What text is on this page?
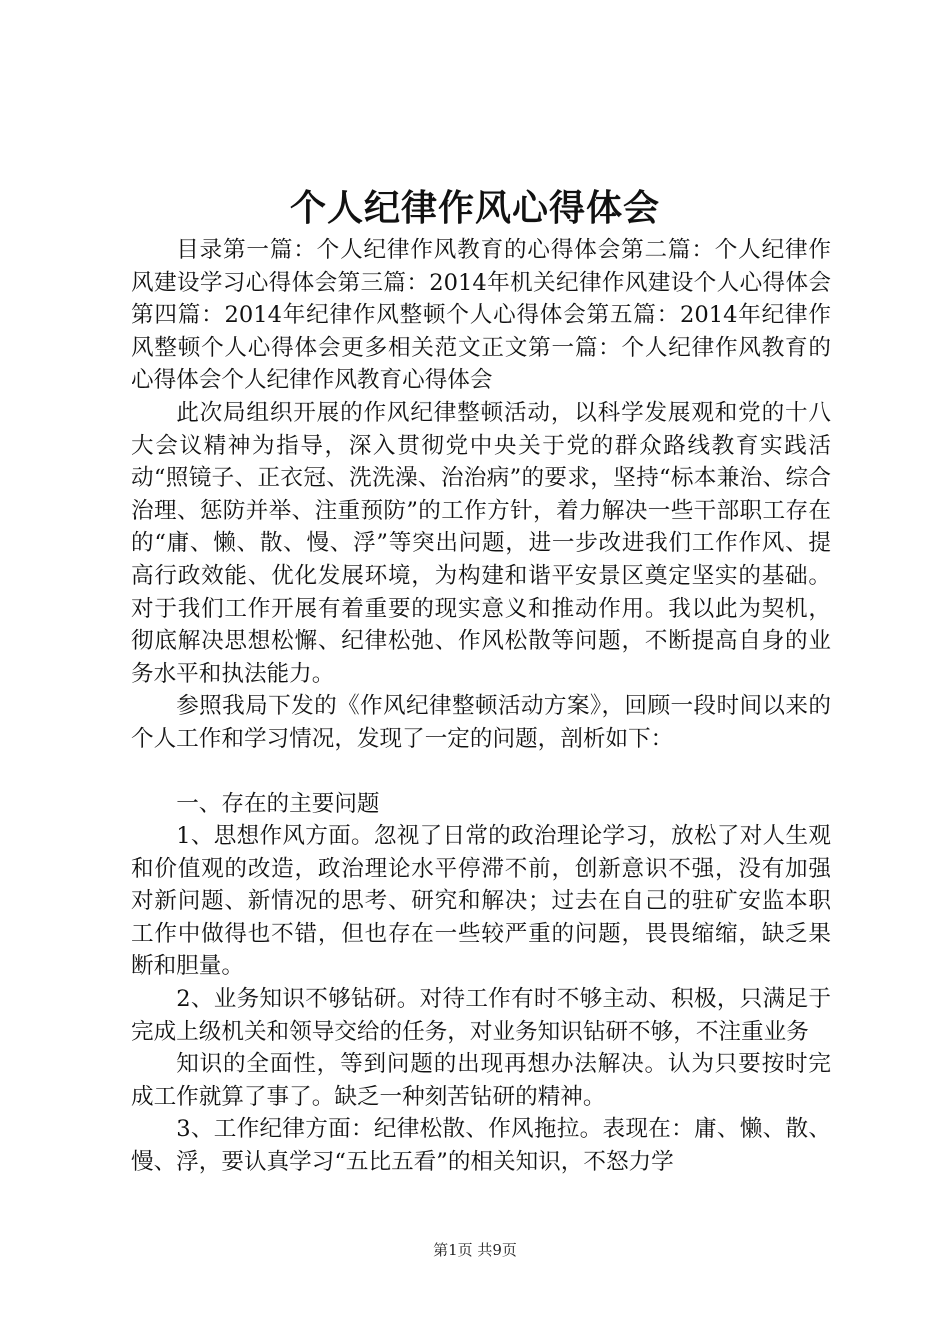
个人纪律作风心得体会

目录第一篇：个人纪律作风教育的心得体会第二篇：个人纪律作风建设学习心得体会第三篇：2014年机关纪律作风建设个人心得体会第四篇：2014年纪律作风整顿个人心得体会第五篇：2014年纪律作风整顿个人心得体会更多相关范文正文第一篇：个人纪律作风教育的心得体会个人纪律作风教育心得体会

此次局组织开展的作风纪律整顿活动，以科学发展观和党的十八大会议精神为指导，深入贯彻党中央关于党的群众路线教育实践活动“照镜子、正衣冠、洗洗澡、治治病”的要求，坚持“标本兼治、综合治理、惩防并举、注重预防”的工作方针，着力解决一些干部职工存在的“庸、懒、散、慢、浮”等突出问题，进一步改进我们工作作风、提高行政效能、优化发展环境，为构建和谐平安景区奠定坚实的基础。对于我们工作开展有着重要的现实意义和推动作用。我以此为契机，彻底解决思想松懈、纪律松弛、作风松散等问题，不断提高自身的业务水平和执法能力。

参照我局下发的《作风纪律整顿活动方案》，回顾一段时间以来的个人工作和学习情况，发现了一定的问题，剖析如下：

一、存在的主要问题

1、思想作风方面。忽视了日常的政治理论学习，放松了对人生观和价值观的改造，政治理论水平停滞不前，创新意识不强，没有加强对新问题、新情况的思考、研究和解决；过去在自己的驻矿安监本职工作中做得也不错，但也存在一些较严重的问题，畏畏缩缩，缺乏果断和胆量。

2、业务知识不够钻研。对待工作有时不够主动、积极，只满足于完成上级机关和领导交给的任务，对业务知识钻研不够，不注重业务

知识的全面性，等到问题的出现再想办法解决。认为只要按时完成工作就算了事了。缺乏一种刻苦钻研的精神。

3、工作纪律方面：纪律松散、作风拖拉。表现在：庸、懒、散、慢、浮，要认真学习“五比五看”的相关知识，不怒力学

第1页 共9页
